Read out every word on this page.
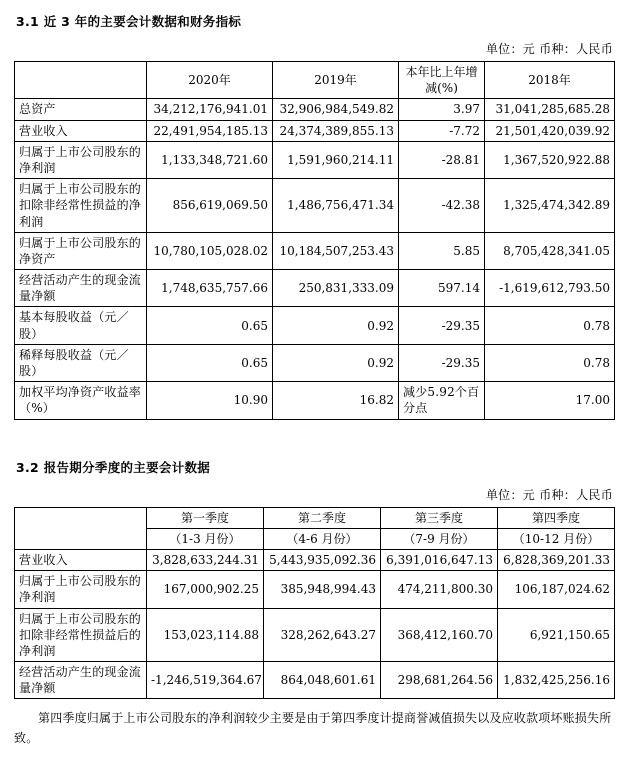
3.1 近 3 年的主要会计数据和财务指标
单位：元 币种：人民币
	2020年	2019年	本年比上年增减(%)	2018年
总资产	34,212,176,941.01	32,906,984,549.82	3.97	31,041,285,685.28
营业收入	22,491,954,185.13	24,374,389,855.13	-7.72	21,501,420,039.92
归属于上市公司股东的净利润	1,133,348,721.60	1,591,960,214.11	-28.81	1,367,520,922.88
归属于上市公司股东的扣除非经常性损益的净利润	856,619,069.50	1,486,756,471.34	-42.38	1,325,474,342.89
归属于上市公司股东的净资产	10,780,105,028.02	10,184,507,253.43	5.85	8,705,428,341.05
经营活动产生的现金流量净额	1,748,635,757.66	250,831,333.09	597.14	-1,619,612,793.50
基本每股收益（元／股）	0.65	0.92	-29.35	0.78
稀释每股收益（元／股）	0.65	0.92	-29.35	0.78
加权平均净资产收益率（%）	10.90	16.82	减少5.92个百分点	17.00
3.2 报告期分季度的主要会计数据
单位：元 币种：人民币
	第一季度	第二季度	第三季度	第四季度
	（1-3 月份）	（4-6 月份）	（7-9 月份）	（10-12 月份）
营业收入	3,828,633,244.31	5,443,935,092.36	6,391,016,647.13	6,828,369,201.33
归属于上市公司股东的净利润	167,000,902.25	385,948,994.43	474,211,800.30	106,187,024.62
归属于上市公司股东的扣除非经常性损益后的净利润	153,023,114.88	328,262,643.27	368,412,160.70	6,921,150.65
经营活动产生的现金流量净额	-1,246,519,364.67	864,048,601.61	298,681,264.56	1,832,425,256.16
第四季度归属于上市公司股东的净利润较少主要是由于第四季度计提商誉减值损失以及应收款项坏账损失所致。
